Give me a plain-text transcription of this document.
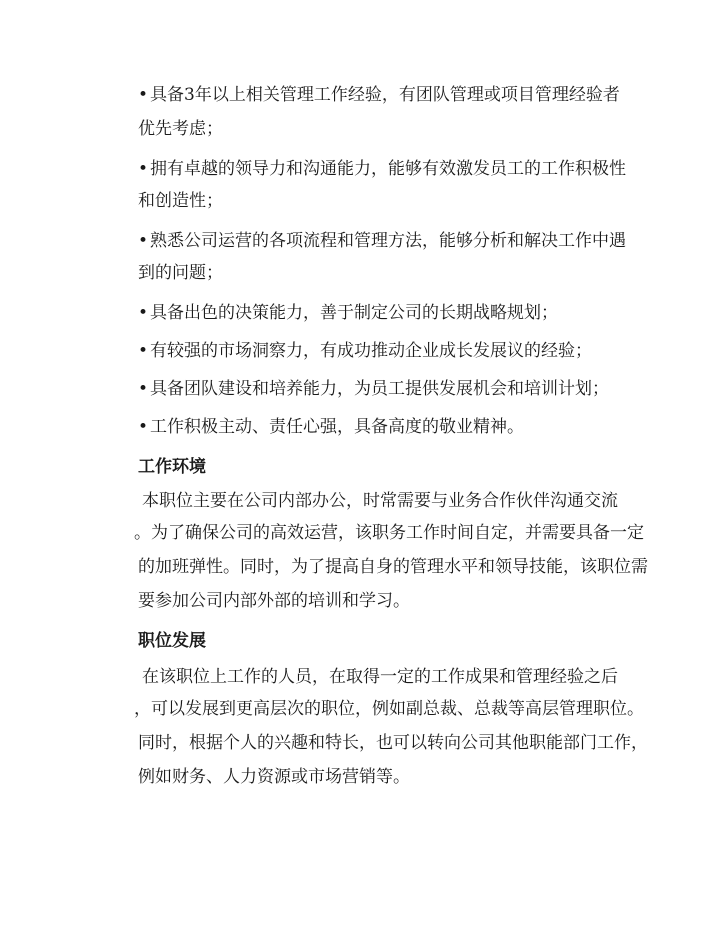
• 具备3年以上相关管理工作经验，有团队管理或项目管理经验者
优先考虑；
• 拥有卓越的领导力和沟通能力，能够有效激发员工的工作积极性
和创造性；
• 熟悉公司运营的各项流程和管理方法，能够分析和解决工作中遇
到的问题；
• 具备出色的决策能力，善于制定公司的长期战略规划；
• 有较强的市场洞察力，有成功推动企业成长发展议的经验；
• 具备团队建设和培养能力，为员工提供发展机会和培训计划；
• 工作积极主动、责任心强，具备高度的敬业精神。
工作环境
本职位主要在公司内部办公，时常需要与业务合作伙伴沟通交流
。为了确保公司的高效运营，该职务工作时间自定，并需要具备一定
的加班弹性。同时，为了提高自身的管理水平和领导技能，该职位需
要参加公司内部外部的培训和学习。
职位发展
在该职位上工作的人员，在取得一定的工作成果和管理经验之后
，可以发展到更高层次的职位，例如副总裁、总裁等高层管理职位。
同时，根据个人的兴趣和特长，也可以转向公司其他职能部门工作，
例如财务、人力资源或市场营销等。
